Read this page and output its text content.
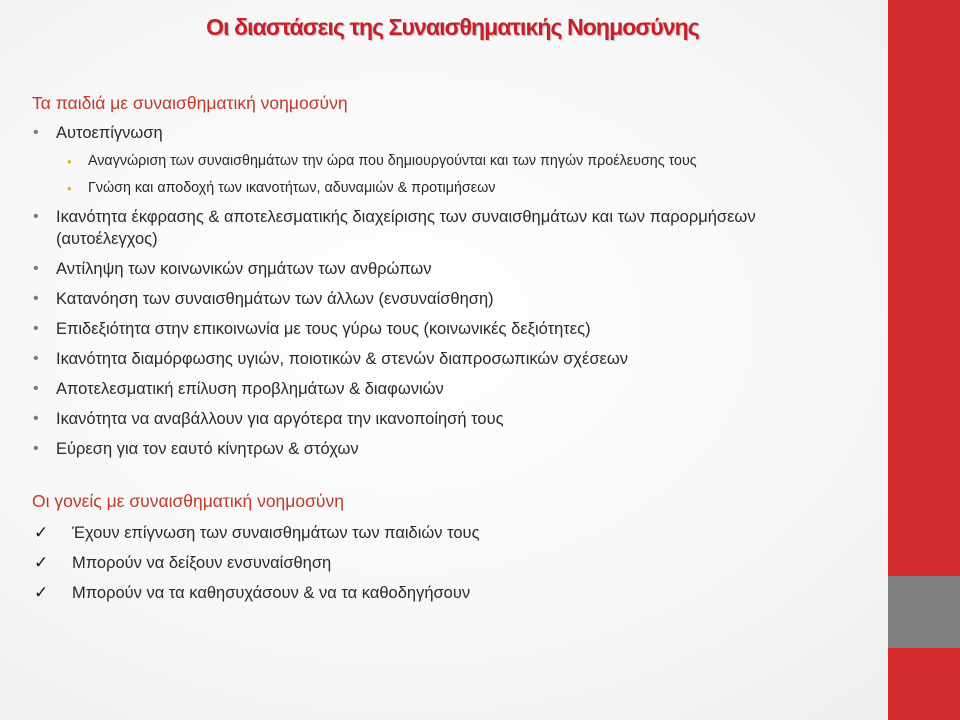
Οι διαστάσεις της Συναισθηματικής Νοημοσύνης
Τα παιδιά με συναισθηματική νοημοσύνη
• Αυτοεπίγνωση
• Αναγνώριση των συναισθημάτων την ώρα που δημιουργούνται και των πηγών προέλευσης τους
• Γνώση και αποδοχή των ικανοτήτων, αδυναμιών & προτιμήσεων
• Ικανότητα έκφρασης & αποτελεσματικής διαχείρισης των συναισθημάτων και των παρορμήσεων (αυτοέλεγχος)
• Αντίληψη των κοινωνικών σημάτων των ανθρώπων
• Κατανόηση των συναισθημάτων των άλλων (ενσυναίσθηση)
• Επιδεξιότητα στην επικοινωνία με τους γύρω τους (κοινωνικές δεξιότητες)
• Ικανότητα διαμόρφωσης υγιών, ποιοτικών & στενών διαπροσωπικών σχέσεων
• Αποτελεσματική επίλυση προβλημάτων & διαφωνιών
• Ικανότητα να αναβάλλουν για αργότερα την ικανοποίησή τους
• Εύρεση για τον εαυτό κίνητρων & στόχων
Οι γονείς με συναισθηματική νοημοσύνη
✓ Έχουν επίγνωση των συναισθημάτων των παιδιών τους
✓ Μπορούν να δείξουν ενσυναίσθηση
✓ Μπορούν να τα καθησυχάσουν & να τα καθοδηγήσουν
